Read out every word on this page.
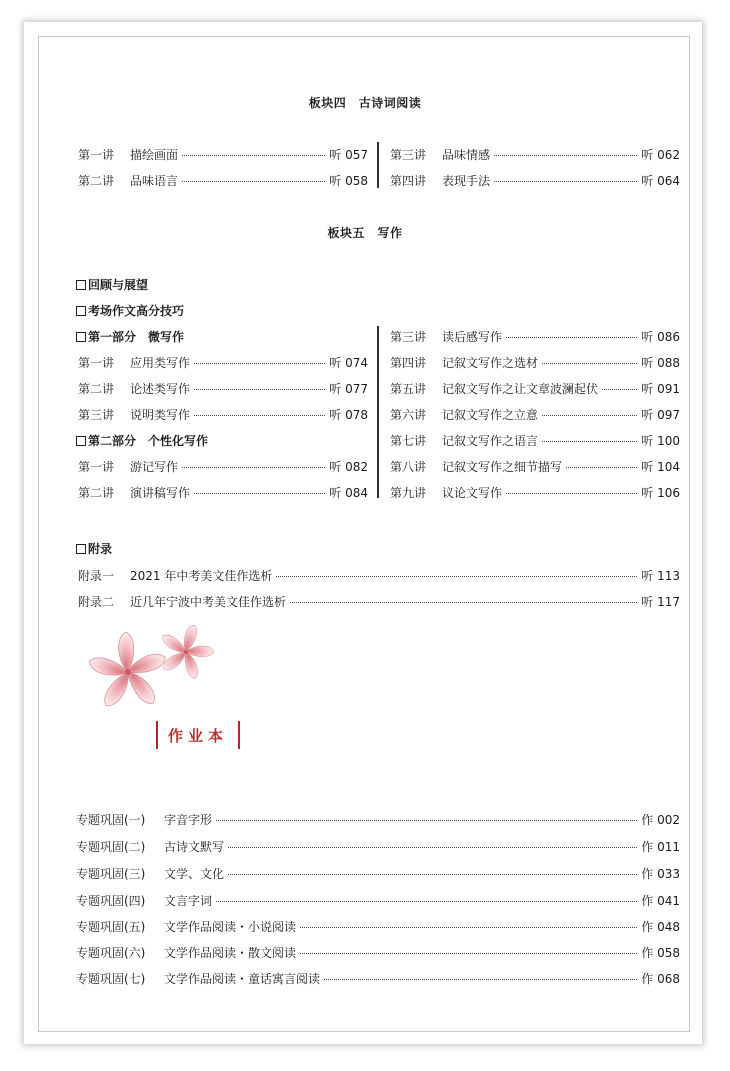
板块四　古诗词阅读
第一讲	描绘画面	听 057
第二讲	品味语言	听 058
第三讲	品味情感	听 062
第四讲	表现手法	听 064
板块五　写作
回顾与展望
考场作文高分技巧
第一部分　微写作
第一讲	应用类写作	听 074
第二讲	论述类写作	听 077
第三讲	说明类写作	听 078
第二部分　个性化写作
第一讲	游记写作	听 082
第二讲	演讲稿写作	听 084
第三讲	读后感写作	听 086
第四讲	记叙文写作之选材	听 088
第五讲	记叙文写作之让文章波澜起伏	听 091
第六讲	记叙文写作之立意	听 097
第七讲	记叙文写作之语言	听 100
第八讲	记叙文写作之细节描写	听 104
第九讲	议论文写作	听 106
附录
附录一	2021 年中考美文佳作选析	听 113
附录二	近几年宁波中考美文佳作选析	听 117
作业本
专题巩固(一)	字音字形	作 002
专题巩固(二)	古诗文默写	作 011
专题巩固(三)	文学、文化	作 033
专题巩固(四)	文言字词	作 041
专题巩固(五)	文学作品阅读・小说阅读	作 048
专题巩固(六)	文学作品阅读・散文阅读	作 058
专题巩固(七)	文学作品阅读・童话寓言阅读	作 068
